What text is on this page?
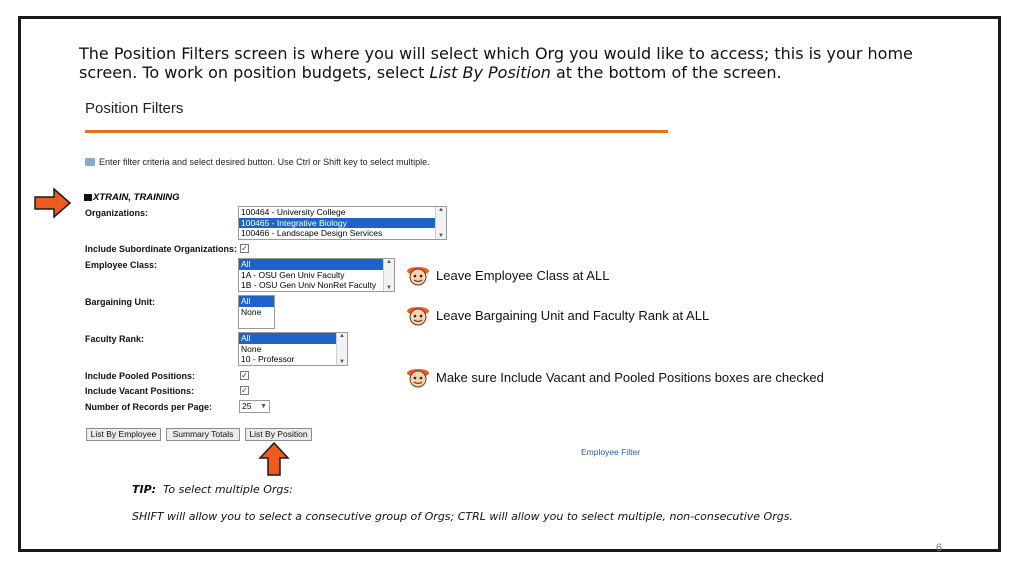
The Position Filters screen is where you will select which Org you would like to access; this is your home screen. To work on position budgets, select List By Position at the bottom of the screen.
Position Filters
Enter filter criteria and select desired button. Use Ctrl or Shift key to select multiple.
XTRAIN, TRAINING
Organizations:	100464 - University College
100465 - Integrative Biology
100466 - Landscape Design Services
▲
▼
Include Subordinate Organizations: ✓
Employee Class:	All
1A - OSU Gen Univ Faculty
1B - OSU Gen Univ NonRet Faculty
▲
▼
Bargaining Unit:	All
None
Faculty Rank:	All
None
10 - Professor
▲
▼
Include Pooled Positions:	✓
Include Vacant Positions:	✓
Number of Records per Page:	25 ▼
List By Employee	Summary Totals	List By Position
Employee Filter
Leave Employee Class at ALL
Leave Bargaining Unit and Faculty Rank at ALL
Make sure Include Vacant and Pooled Positions boxes are checked
TIP:  To select multiple Orgs:
SHIFT will allow you to select a consecutive group of Orgs; CTRL will allow you to select multiple, non-consecutive Orgs.
6
